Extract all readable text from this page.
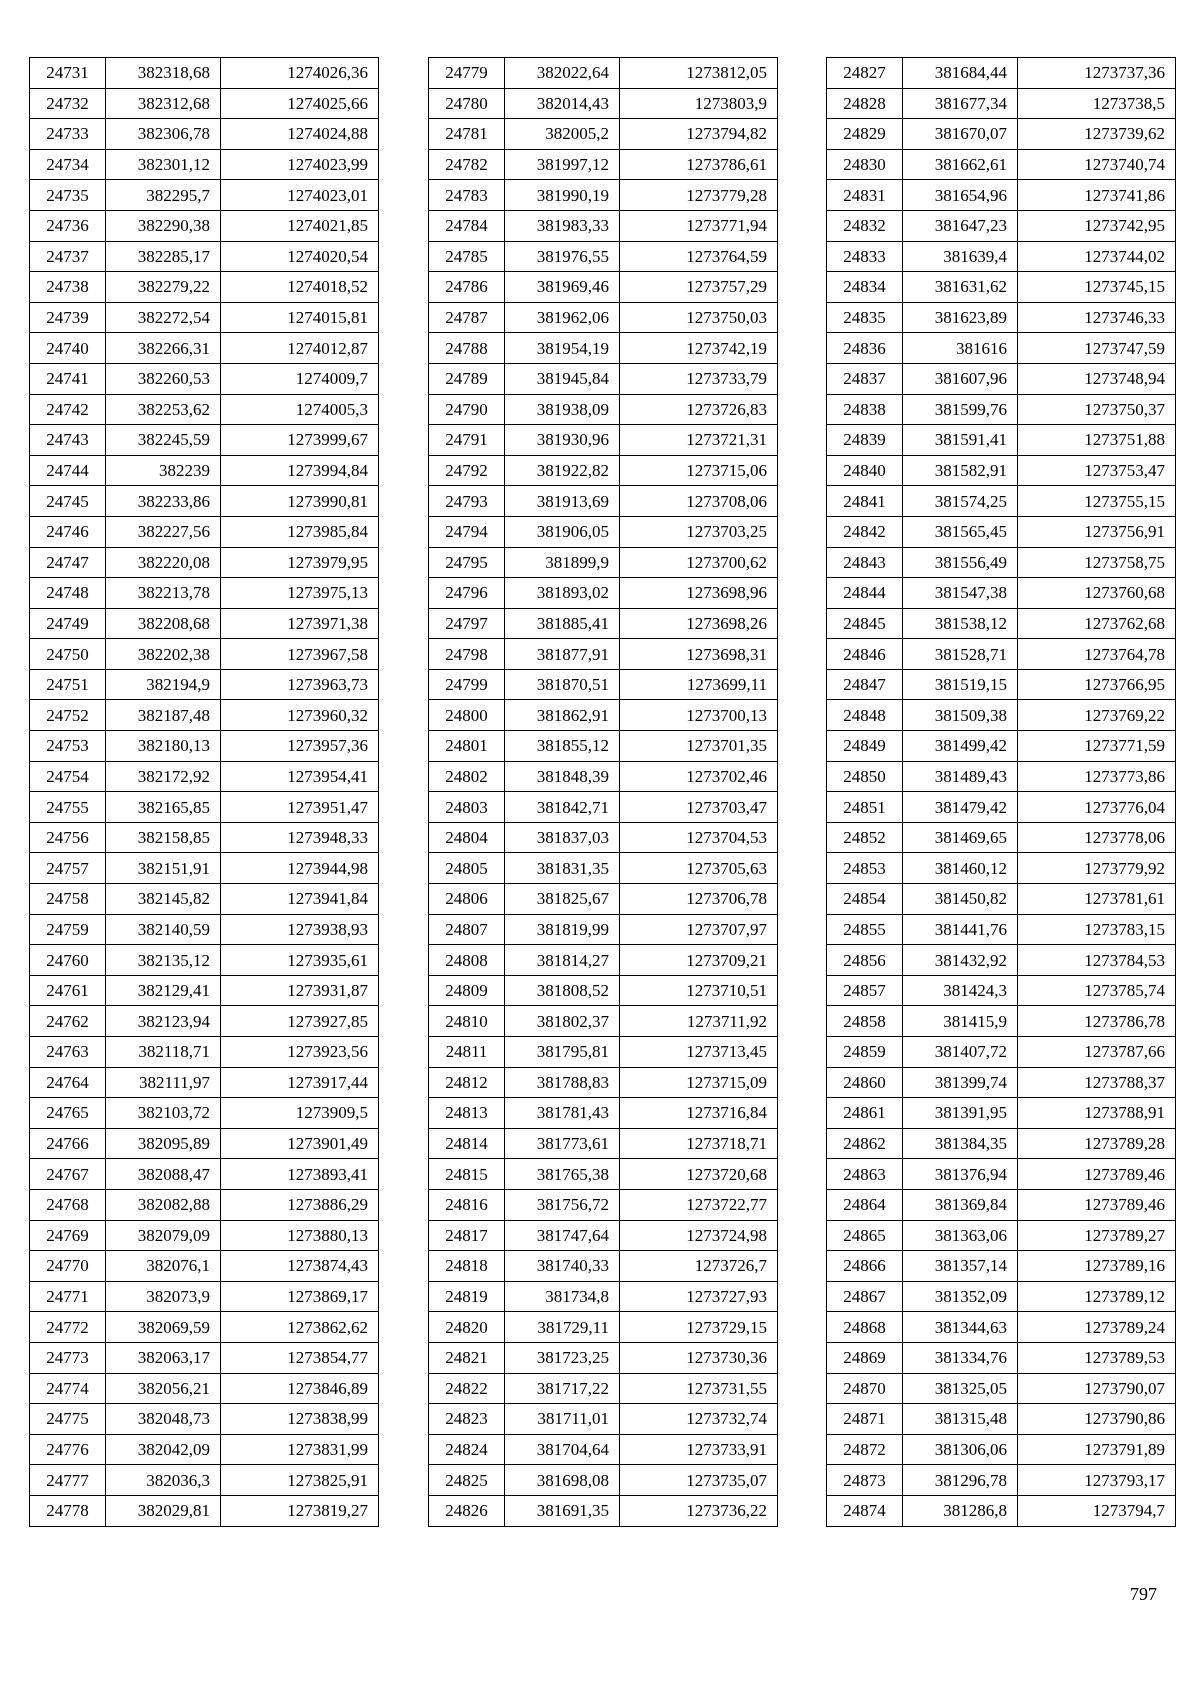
24731	382318,68	1274026,36
24732	382312,68	1274025,66
24733	382306,78	1274024,88
24734	382301,12	1274023,99
24735	382295,7	1274023,01
24736	382290,38	1274021,85
24737	382285,17	1274020,54
24738	382279,22	1274018,52
24739	382272,54	1274015,81
24740	382266,31	1274012,87
24741	382260,53	1274009,7
24742	382253,62	1274005,3
24743	382245,59	1273999,67
24744	382239	1273994,84
24745	382233,86	1273990,81
24746	382227,56	1273985,84
24747	382220,08	1273979,95
24748	382213,78	1273975,13
24749	382208,68	1273971,38
24750	382202,38	1273967,58
24751	382194,9	1273963,73
24752	382187,48	1273960,32
24753	382180,13	1273957,36
24754	382172,92	1273954,41
24755	382165,85	1273951,47
24756	382158,85	1273948,33
24757	382151,91	1273944,98
24758	382145,82	1273941,84
24759	382140,59	1273938,93
24760	382135,12	1273935,61
24761	382129,41	1273931,87
24762	382123,94	1273927,85
24763	382118,71	1273923,56
24764	382111,97	1273917,44
24765	382103,72	1273909,5
24766	382095,89	1273901,49
24767	382088,47	1273893,41
24768	382082,88	1273886,29
24769	382079,09	1273880,13
24770	382076,1	1273874,43
24771	382073,9	1273869,17
24772	382069,59	1273862,62
24773	382063,17	1273854,77
24774	382056,21	1273846,89
24775	382048,73	1273838,99
24776	382042,09	1273831,99
24777	382036,3	1273825,91
24778	382029,81	1273819,27
24779	382022,64	1273812,05
24780	382014,43	1273803,9
24781	382005,2	1273794,82
24782	381997,12	1273786,61
24783	381990,19	1273779,28
24784	381983,33	1273771,94
24785	381976,55	1273764,59
24786	381969,46	1273757,29
24787	381962,06	1273750,03
24788	381954,19	1273742,19
24789	381945,84	1273733,79
24790	381938,09	1273726,83
24791	381930,96	1273721,31
24792	381922,82	1273715,06
24793	381913,69	1273708,06
24794	381906,05	1273703,25
24795	381899,9	1273700,62
24796	381893,02	1273698,96
24797	381885,41	1273698,26
24798	381877,91	1273698,31
24799	381870,51	1273699,11
24800	381862,91	1273700,13
24801	381855,12	1273701,35
24802	381848,39	1273702,46
24803	381842,71	1273703,47
24804	381837,03	1273704,53
24805	381831,35	1273705,63
24806	381825,67	1273706,78
24807	381819,99	1273707,97
24808	381814,27	1273709,21
24809	381808,52	1273710,51
24810	381802,37	1273711,92
24811	381795,81	1273713,45
24812	381788,83	1273715,09
24813	381781,43	1273716,84
24814	381773,61	1273718,71
24815	381765,38	1273720,68
24816	381756,72	1273722,77
24817	381747,64	1273724,98
24818	381740,33	1273726,7
24819	381734,8	1273727,93
24820	381729,11	1273729,15
24821	381723,25	1273730,36
24822	381717,22	1273731,55
24823	381711,01	1273732,74
24824	381704,64	1273733,91
24825	381698,08	1273735,07
24826	381691,35	1273736,22
24827	381684,44	1273737,36
24828	381677,34	1273738,5
24829	381670,07	1273739,62
24830	381662,61	1273740,74
24831	381654,96	1273741,86
24832	381647,23	1273742,95
24833	381639,4	1273744,02
24834	381631,62	1273745,15
24835	381623,89	1273746,33
24836	381616	1273747,59
24837	381607,96	1273748,94
24838	381599,76	1273750,37
24839	381591,41	1273751,88
24840	381582,91	1273753,47
24841	381574,25	1273755,15
24842	381565,45	1273756,91
24843	381556,49	1273758,75
24844	381547,38	1273760,68
24845	381538,12	1273762,68
24846	381528,71	1273764,78
24847	381519,15	1273766,95
24848	381509,38	1273769,22
24849	381499,42	1273771,59
24850	381489,43	1273773,86
24851	381479,42	1273776,04
24852	381469,65	1273778,06
24853	381460,12	1273779,92
24854	381450,82	1273781,61
24855	381441,76	1273783,15
24856	381432,92	1273784,53
24857	381424,3	1273785,74
24858	381415,9	1273786,78
24859	381407,72	1273787,66
24860	381399,74	1273788,37
24861	381391,95	1273788,91
24862	381384,35	1273789,28
24863	381376,94	1273789,46
24864	381369,84	1273789,46
24865	381363,06	1273789,27
24866	381357,14	1273789,16
24867	381352,09	1273789,12
24868	381344,63	1273789,24
24869	381334,76	1273789,53
24870	381325,05	1273790,07
24871	381315,48	1273790,86
24872	381306,06	1273791,89
24873	381296,78	1273793,17
24874	381286,8	1273794,7
797
